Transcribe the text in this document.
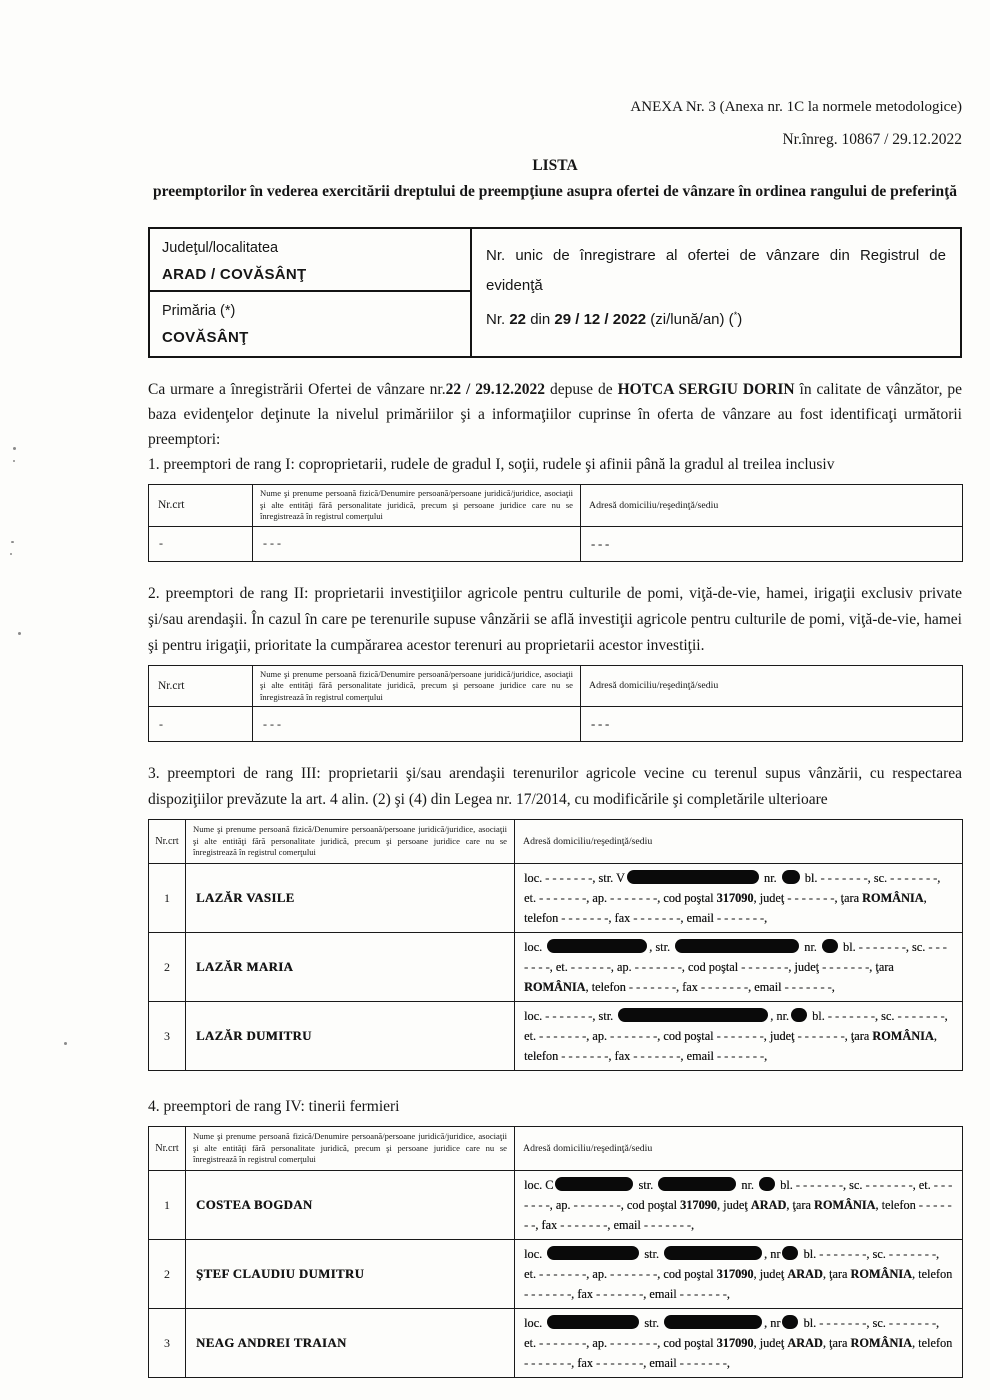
ANEXA Nr. 3 (Anexa nr. 1C la normele metodologice)
Nr.înreg. 10867 / 29.12.2022
LISTA
preemptorilor în vederea exercitării dreptului de preempţiune asupra ofertei de vânzare în ordinea rangului de preferinţă
Judeţul/localitatea
ARAD / COVĂSÂNŢ

Nr. unic de înregistrare al ofertei de vânzare din Registrul de evidenţă
Nr. 22 din 29 / 12 / 2022 (zi/lună/an) (*)

Primăria (*)
COVĂSÂNŢ

Ca urmare a înregistrării Ofertei de vânzare nr.22 / 29.12.2022 depuse de HOTCA SERGIU DORIN în calitate de vânzător, pe baza evidenţelor deţinute la nivelul primăriilor şi a informaţiilor cuprinse în oferta de vânzare au fost identificaţi următorii preemptori:

1. preemptori de rang I: coproprietarii, rudele de gradul I, soţii, rudele şi afinii până la gradul al treilea inclusiv

Nr.crt	Nume şi prenume persoană fizică/Denumire persoană/persoane juridică/juridice, asociaţii şi alte entităţi fără personalitate juridică, precum şi persoane juridice care nu se înregistrează în registrul comerţului	Adresă domiciliu/reşedinţă/sediu
-	- - -	- - -

2. preemptori de rang II: proprietarii investiţiilor agricole pentru culturile de pomi, viţă-de-vie, hamei, irigaţii exclusiv private şi/sau arendaşii. În cazul în care pe terenurile supuse vânzării se află investiţii agricole pentru culturile de pomi, viţă-de-vie, hamei şi pentru irigaţii, prioritate la cumpărarea acestor terenuri au proprietarii acestor investiţii.

Nr.crt	Nume şi prenume persoană fizică/Denumire persoană/persoane juridică/juridice, asociaţii şi alte entităţi fără personalitate juridică, precum şi persoane juridice care nu se înregistrează în registrul comerţului	Adresă domiciliu/reşedinţă/sediu
-	- - -	- - -

3. preemptori de rang III: proprietarii şi/sau arendaşii terenurilor agricole vecine cu terenul supus vânzării, cu respectarea dispoziţiilor prevăzute la art. 4 alin. (2) şi (4) din Legea nr. 17/2014, cu modificările şi completările ulterioare

Nr.crt	Nume şi prenume persoană fizică/Denumire persoană/persoane juridică/juridice, asociaţii şi alte entităţi fără personalitate juridică, precum şi persoane juridice care nu se înregistrează în registrul comerţului	Adresă domiciliu/reşedinţă/sediu
1	LAZĂR VASILE	loc. - - - - - - -, str. V nr.  bl. - - - - - - -, sc. - - - - - - -, et. - - - - - - -, ap. - - - - - - -, cod poştal 317090, judeţ - - - - - - -, ţara ROMÂNIA, telefon - - - - - - -, fax - - - - - - -, email - - - - - - -,
2	LAZĂR MARIA	loc. , str. nr.  bl. - - - - - - -, sc. - - - - - - -, et. - - - - - -, ap. - - - - - - -, cod poştal - - - - - - -, judeţ - - - - - - -, ţara ROMÂNIA, telefon - - - - - - -, fax - - - - - - -, email - - - - - - -,
3	LAZĂR DUMITRU	loc. - - - - - - -, str. , nr. bl. - - - - - - -, sc. - - - - - - -, et. - - - - - - -, ap. - - - - - - -, cod poştal - - - - - - -, judeţ - - - - - - -, ţara ROMÂNIA, telefon - - - - - - -, fax - - - - - - -, email - - - - - - -,

4. preemptori de rang IV: tinerii fermieri

Nr.crt	Nume şi prenume persoană fizică/Denumire persoană/persoane juridică/juridice, asociaţii şi alte entităţi fără personalitate juridică, precum şi persoane juridice care nu se înregistrează în registrul comerţului	Adresă domiciliu/reşedinţă/sediu
1	COSTEA BOGDAN	loc. C str. nr.  bl. - - - - - - -, sc. - - - - - - -, et. - - - - - - -, ap. - - - - - - -, cod poştal 317090, judeţ ARAD, ţara ROMÂNIA, telefon - - - - - - -, fax - - - - - - -, email - - - - - - -,
2	ŞTEF CLAUDIU DUMITRU	loc. str. , nr bl. - - - - - - -, sc. - - - - - - -, et. - - - - - - -, ap. - - - - - - -, cod poştal 317090, judeţ ARAD, ţara ROMÂNIA, telefon - - - - - - -, fax - - - - - - -, email - - - - - - -,
3	NEAG ANDREI TRAIAN	loc. str. , nr bl. - - - - - - -, sc. - - - - - - -, et. - - - - - - -, ap. - - - - - - -, cod poştal 317090, judeţ ARAD, ţara ROMÂNIA, telefon - - - - - - -, fax - - - - - - -, email - - - - - - -,
